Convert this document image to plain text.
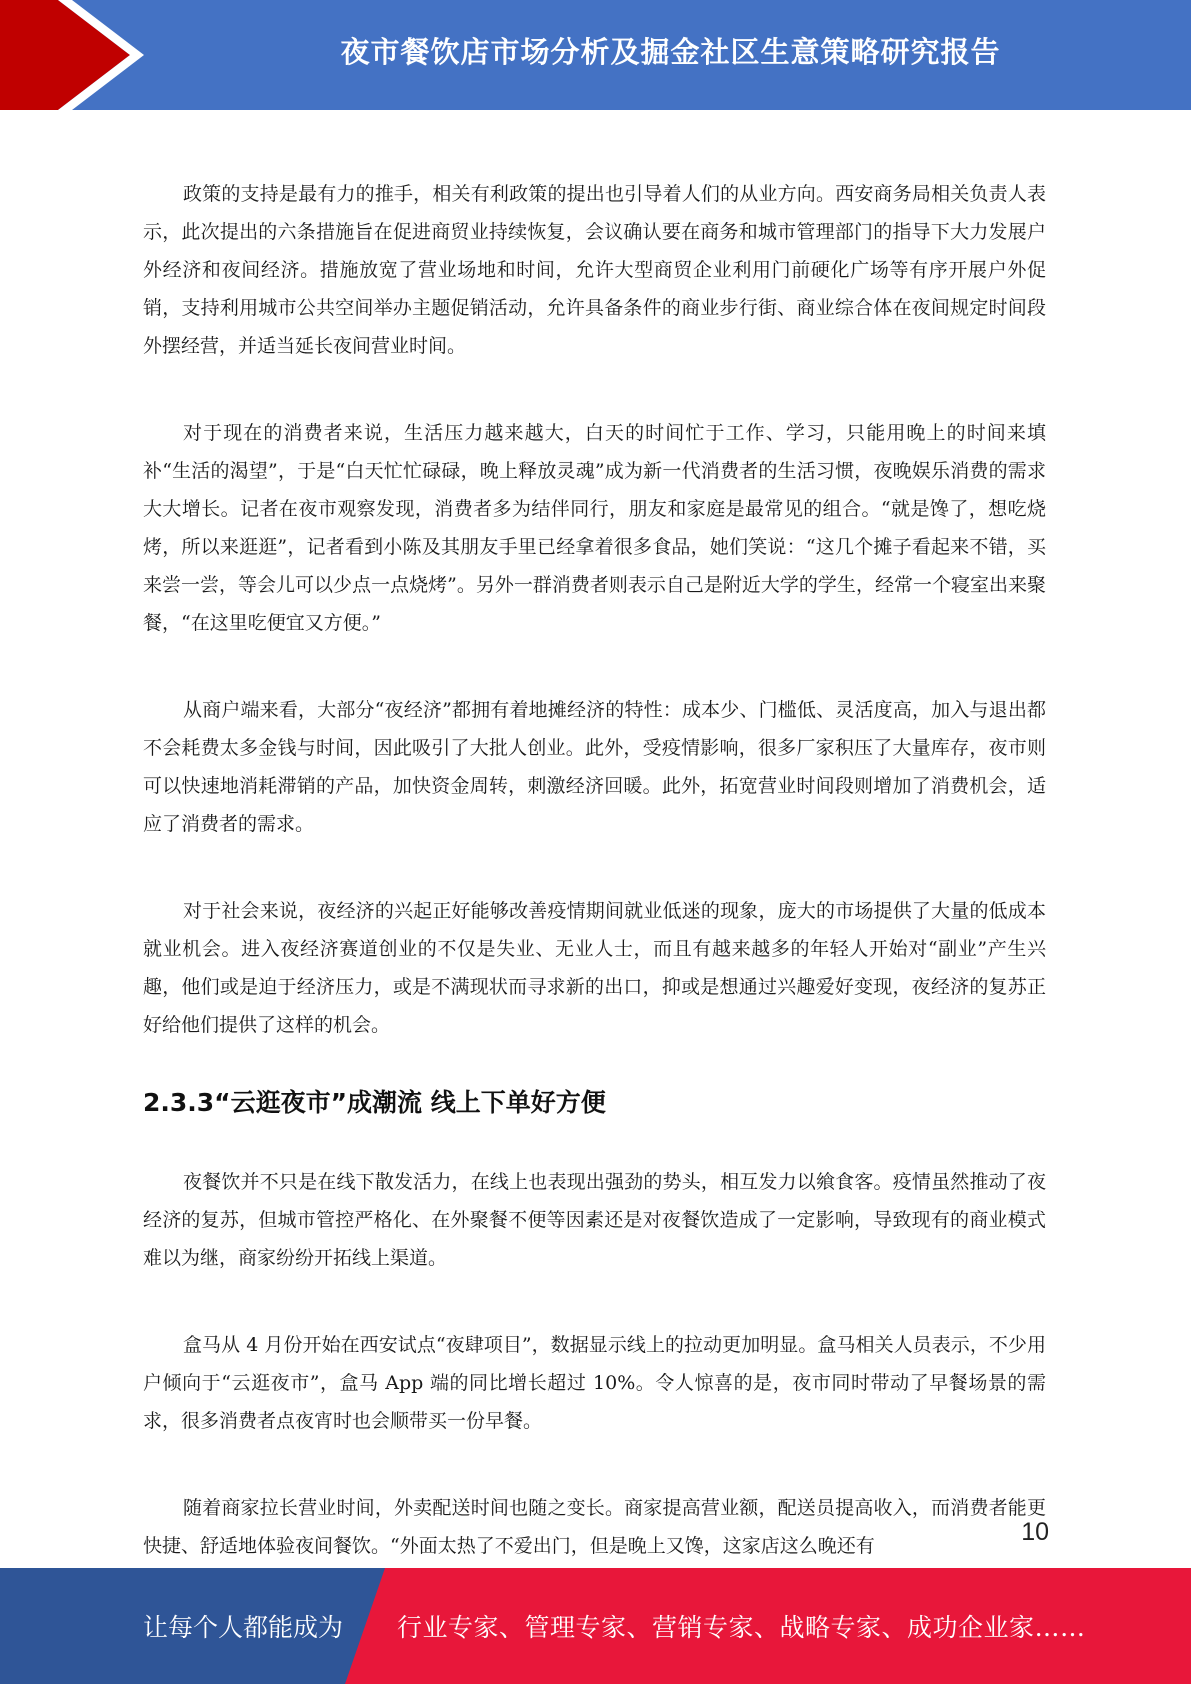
夜市餐饮店市场分析及掘金社区生意策略研究报告

政策的支持是最有力的推手，相关有利政策的提出也引导着人们的从业方向。西安商务局相关负责人表示，此次提出的六条措施旨在促进商贸业持续恢复，会议确认要在商务和城市管理部门的指导下大力发展户外经济和夜间经济。措施放宽了营业场地和时间，允许大型商贸企业利用门前硬化广场等有序开展户外促销，支持利用城市公共空间举办主题促销活动，允许具备条件的商业步行街、商业综合体在夜间规定时间段外摆经营，并适当延长夜间营业时间。

对于现在的消费者来说，生活压力越来越大，白天的时间忙于工作、学习，只能用晚上的时间来填补“生活的渴望”，于是“白天忙忙碌碌，晚上释放灵魂”成为新一代消费者的生活习惯，夜晚娱乐消费的需求大大增长。记者在夜市观察发现，消费者多为结伴同行，朋友和家庭是最常见的组合。“就是馋了，想吃烧烤，所以来逛逛”，记者看到小陈及其朋友手里已经拿着很多食品，她们笑说：“这几个摊子看起来不错，买来尝一尝，等会儿可以少点一点烧烤”。另外一群消费者则表示自己是附近大学的学生，经常一个寝室出来聚餐，“在这里吃便宜又方便。”

从商户端来看，大部分“夜经济”都拥有着地摊经济的特性：成本少、门槛低、灵活度高，加入与退出都不会耗费太多金钱与时间，因此吸引了大批人创业。此外，受疫情影响，很多厂家积压了大量库存，夜市则可以快速地消耗滞销的产品，加快资金周转，刺激经济回暖。此外，拓宽营业时间段则增加了消费机会，适应了消费者的需求。

对于社会来说，夜经济的兴起正好能够改善疫情期间就业低迷的现象，庞大的市场提供了大量的低成本就业机会。进入夜经济赛道创业的不仅是失业、无业人士，而且有越来越多的年轻人开始对“副业”产生兴趣，他们或是迫于经济压力，或是不满现状而寻求新的出口，抑或是想通过兴趣爱好变现，夜经济的复苏正好给他们提供了这样的机会。

2.3.3“云逛夜市”成潮流 线上下单好方便

夜餐饮并不只是在线下散发活力，在线上也表现出强劲的势头，相互发力以飨食客。疫情虽然推动了夜经济的复苏，但城市管控严格化、在外聚餐不便等因素还是对夜餐饮造成了一定影响，导致现有的商业模式难以为继，商家纷纷开拓线上渠道。

盒马从 4 月份开始在西安试点“夜肆项目”，数据显示线上的拉动更加明显。盒马相关人员表示，不少用户倾向于“云逛夜市”，盒马 App 端的同比增长超过 10%。令人惊喜的是，夜市同时带动了早餐场景的需求，很多消费者点夜宵时也会顺带买一份早餐。

随着商家拉长营业时间，外卖配送时间也随之变长。商家提高营业额，配送员提高收入，而消费者能更快捷、舒适地体验夜间餐饮。“外面太热了不爱出门，但是晚上又馋，这家店这么晚还有	10
让每个人都能成为 行业专家、管理专家、营销专家、战略专家、成功企业家……
